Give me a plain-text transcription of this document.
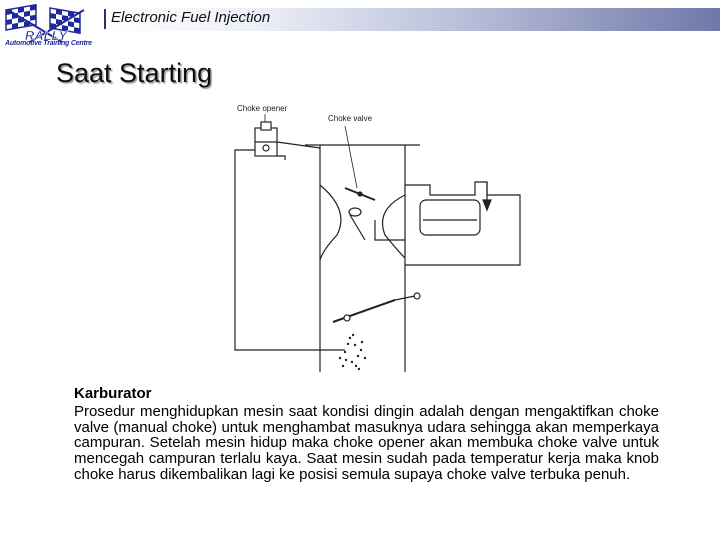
Electronic Fuel Injection
RALLY
Automotive Training Centre
Saat Starting
Choke opener
Choke valve
Karburator

Prosedur menghidupkan mesin saat kondisi dingin adalah dengan mengaktifkan choke valve (manual choke) untuk menghambat masuknya udara sehingga akan memperkaya campuran. Setelah mesin hidup maka choke opener akan membuka choke valve untuk mencegah campuran terlalu kaya. Saat mesin sudah pada temperatur kerja maka knob choke harus dikembalikan lagi ke posisi semula supaya choke valve terbuka penuh.
